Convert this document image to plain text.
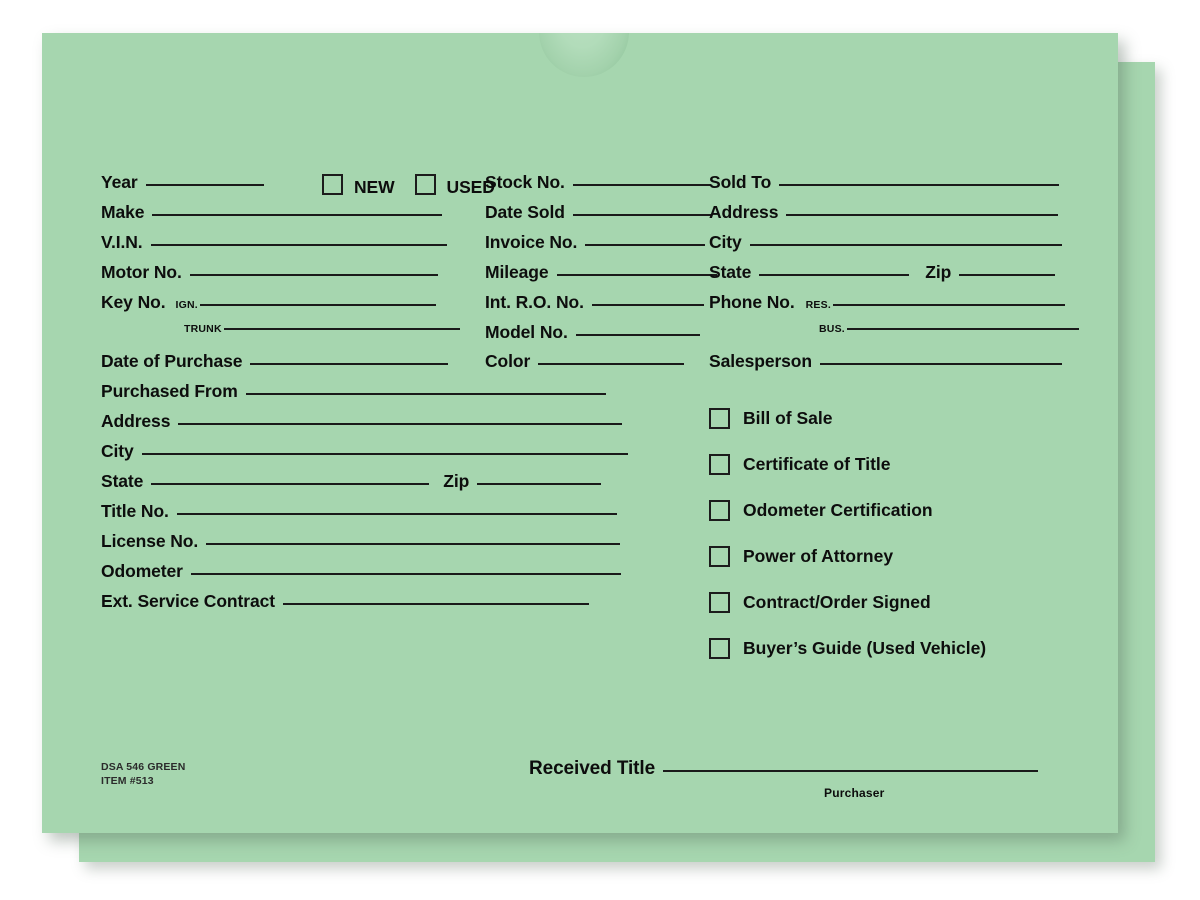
Year	NEW	USED
Make
V.I.N.
Motor No.
Key No. IGN.
TRUNK
Date of Purchase
Purchased From
Address
City
State	Zip
Title No.
License No.
Odometer
Ext. Service Contract
Stock No.
Date Sold
Invoice No.
Mileage
Int. R.O. No.
Model No.
Color
Sold To
Address
City
State	Zip
Phone No. RES.
BUS.
Salesperson
Bill of Sale
Certificate of Title
Odometer Certification
Power of Attorney
Contract/Order Signed
Buyer’s Guide (Used Vehicle)
DSA 546 GREEN
ITEM #513
Received Title
Purchaser
